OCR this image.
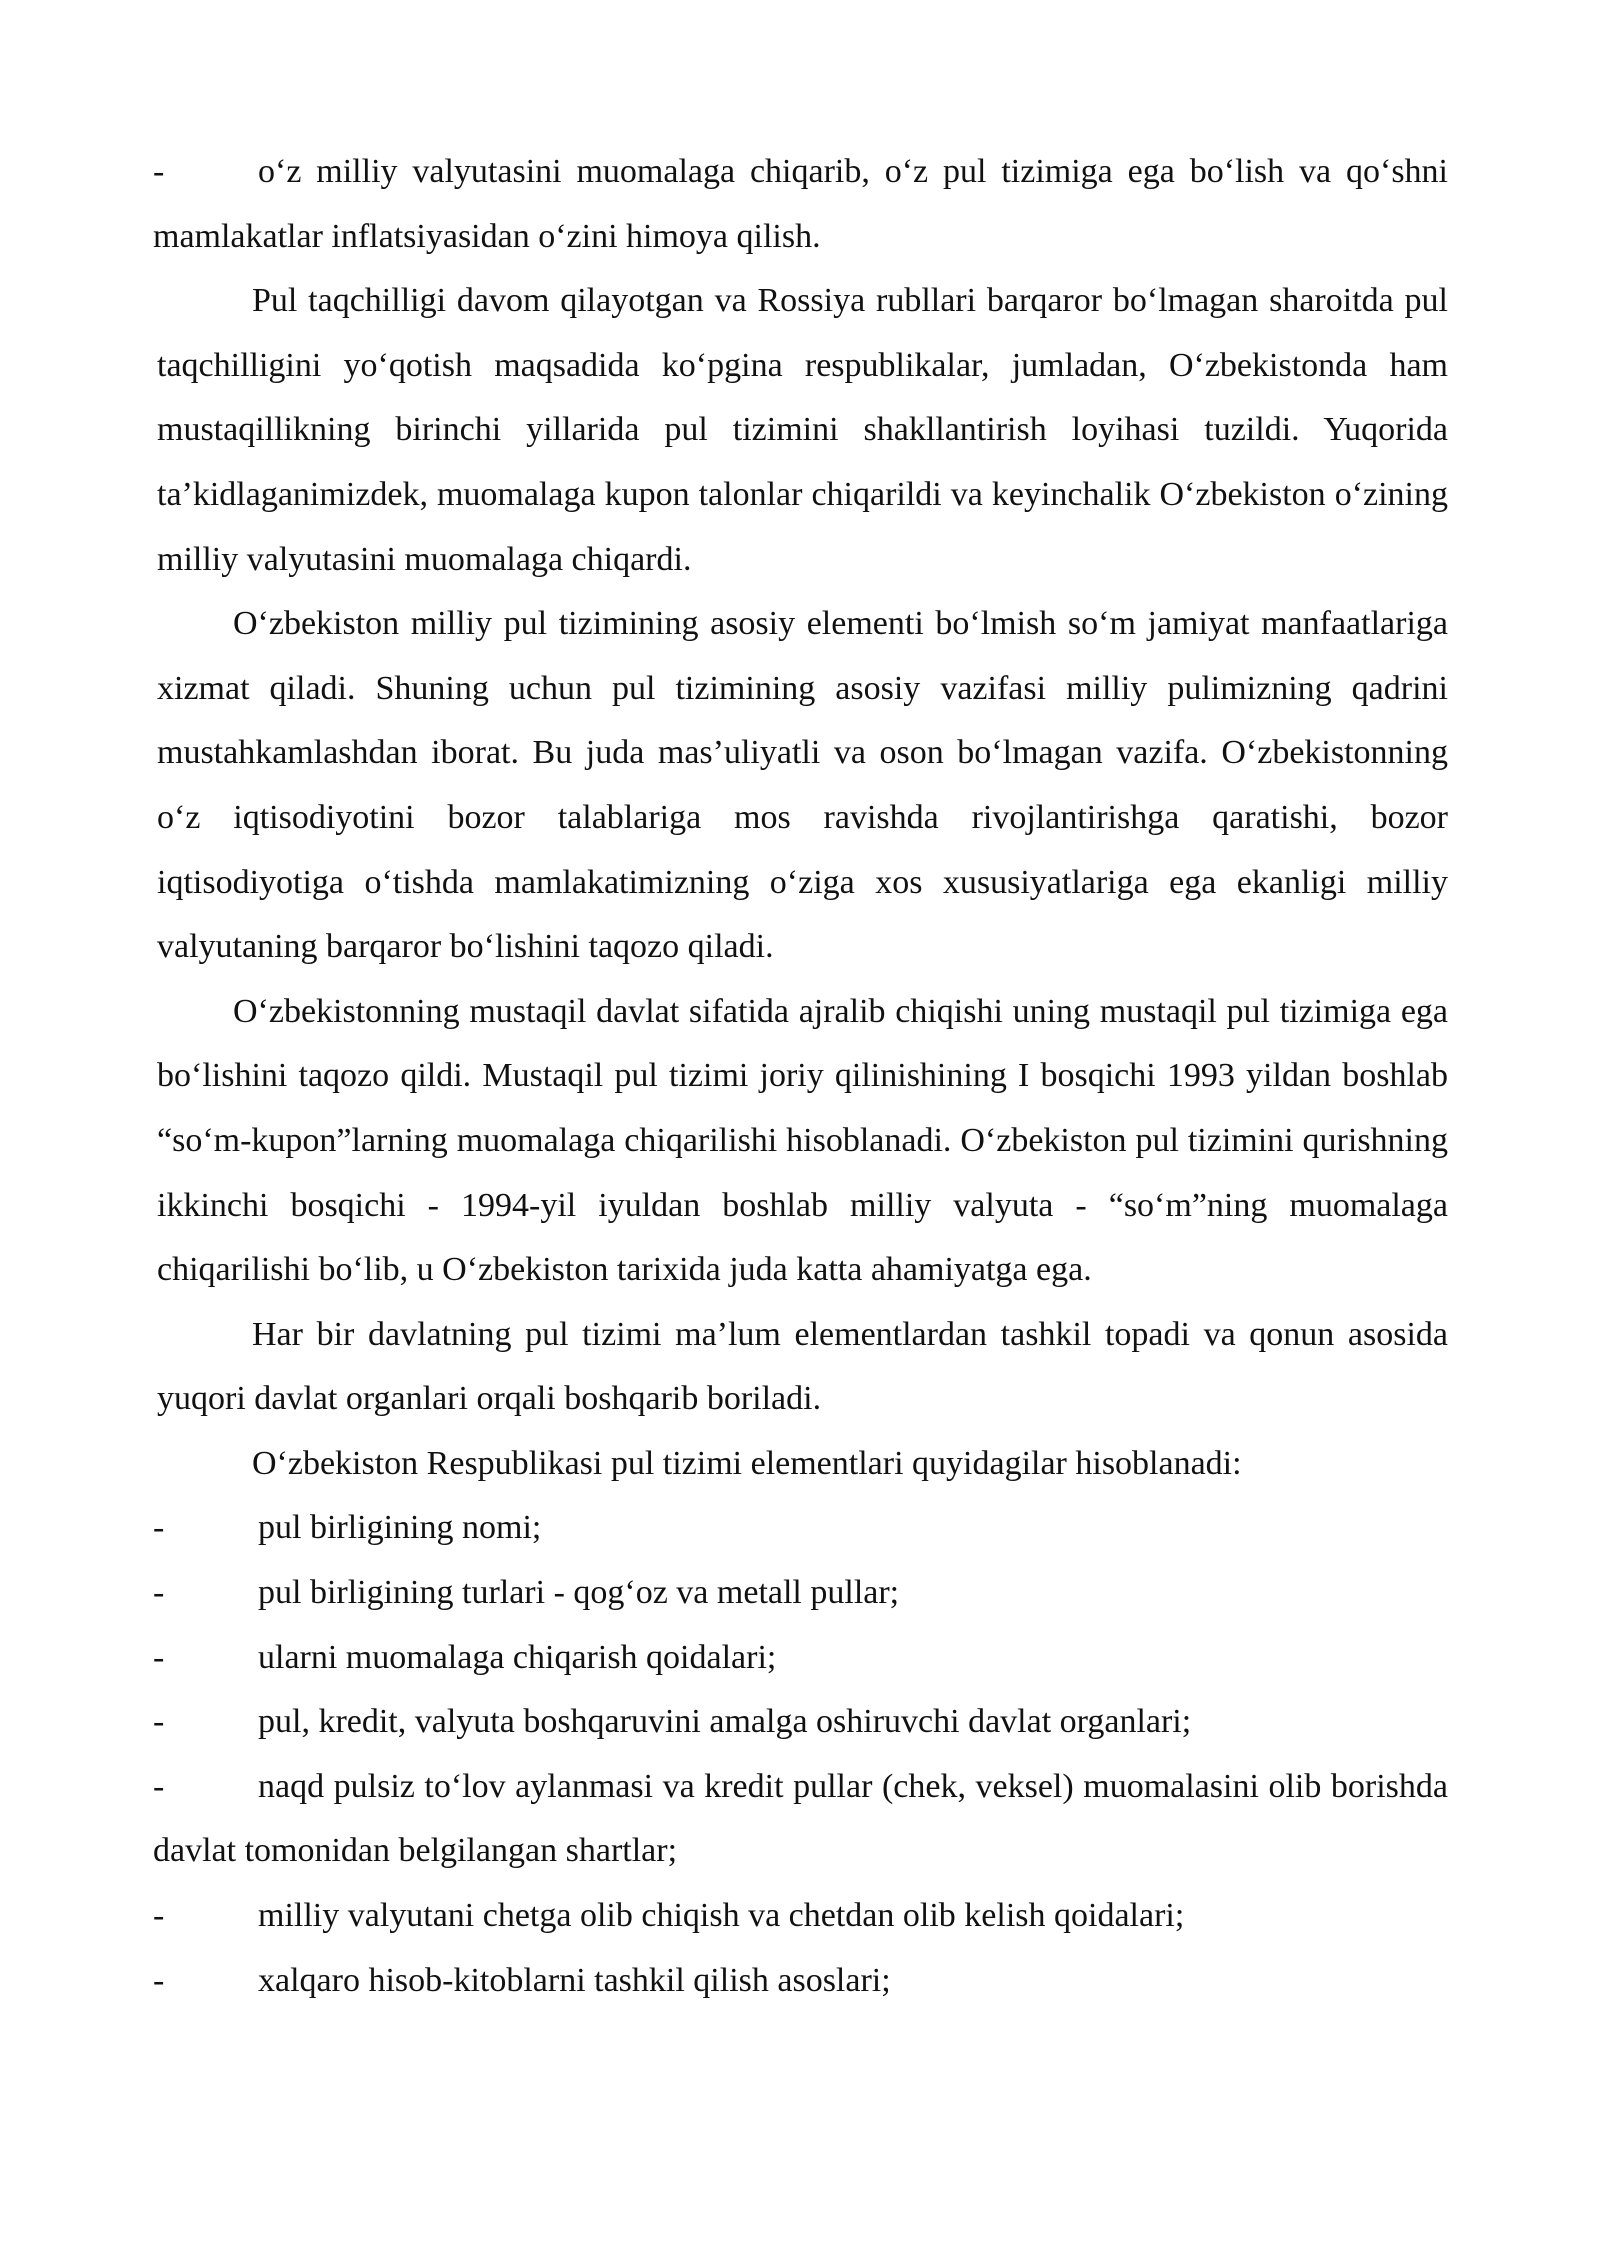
-	o‘z milliy valyutasini muomalaga chiqarib, o‘z pul tizimiga ega bo‘lish va qo‘shni mamlakatlar inflatsiyasidan o‘zini himoya qilish.

Pul taqchilligi davom qilayotgan va Rossiya rubllari barqaror bo‘lmagan sharoitda pul taqchilligini yo‘qotish maqsadida ko‘pgina respublikalar, jumladan, O‘zbekistonda ham mustaqillikning birinchi yillarida pul tizimini shakllantirish loyihasi tuzildi. Yuqorida ta’kidlaganimizdek, muomalaga kupon talonlar chiqarildi va keyinchalik O‘zbekiston o‘zining milliy valyutasini muomalaga chiqardi.

O‘zbekiston milliy pul tizimining asosiy elementi bo‘lmish so‘m jamiyat manfaatlariga xizmat qiladi. Shuning uchun pul tizimining asosiy vazifasi milliy pulimizning qadrini mustahkamlashdan iborat. Bu juda mas’uliyatli va oson bo‘lmagan vazifa. O‘zbekistonning o‘z iqtisodiyotini bozor talablariga mos ravishda rivojlantirishga qaratishi, bozor iqtisodiyotiga o‘tishda mamlakatimizning o‘ziga xos xususiyatlariga ega ekanligi milliy valyutaning barqaror bo‘lishini taqozo qiladi.

O‘zbekistonning mustaqil davlat sifatida ajralib chiqishi uning mustaqil pul tizimiga ega bo‘lishini taqozo qildi. Mustaqil pul tizimi joriy qilinishining I bosqichi 1993 yildan boshlab “so‘m-kupon”larning muomalaga chiqarilishi hisoblanadi. O‘zbekiston pul tizimini qurishning ikkinchi bosqichi - 1994-yil iyuldan boshlab milliy valyuta - “so‘m”ning muomalaga chiqarilishi bo‘lib, u O‘zbekiston tarixida juda katta ahamiyatga ega.

Har bir davlatning pul tizimi ma’lum elementlardan tashkil topadi va qonun asosida yuqori davlat organlari orqali boshqarib boriladi.

O‘zbekiston Respublikasi pul tizimi elementlari quyidagilar hisoblanadi:

-	pul birligining nomi;

-	pul birligining turlari - qog‘oz va metall pullar;

-	ularni muomalaga chiqarish qoidalari;

-	pul, kredit, valyuta boshqaruvini amalga oshiruvchi davlat organlari;

-	naqd pulsiz to‘lov aylanmasi va kredit pullar (chek, veksel) muomalasini olib borishda davlat tomonidan belgilangan shartlar;

-	milliy valyutani chetga olib chiqish va chetdan olib kelish qoidalari;

-	xalqaro hisob-kitoblarni tashkil qilish asoslari;
